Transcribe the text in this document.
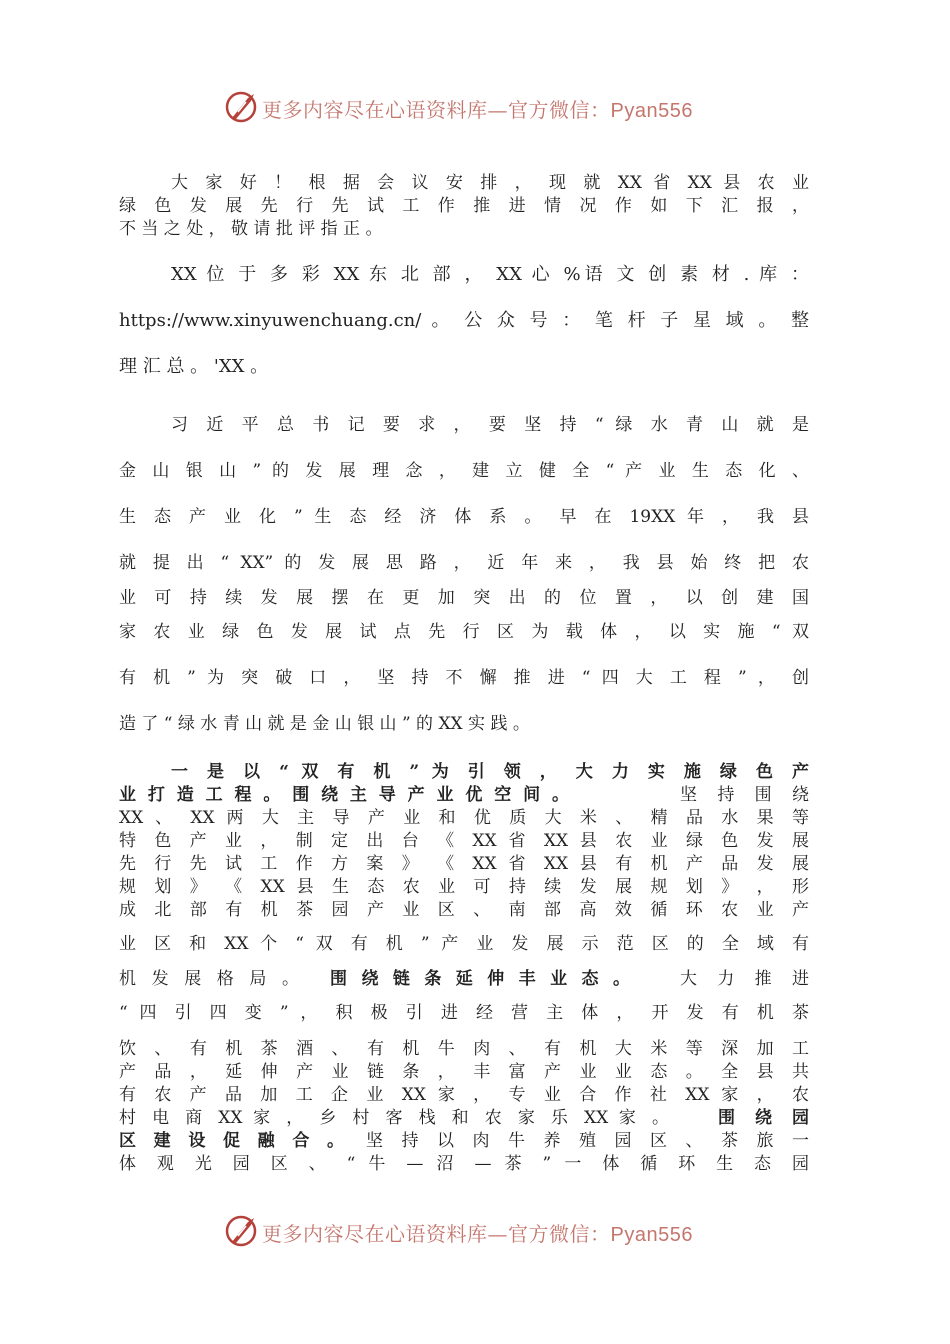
更多内容尽在心语资料库—官方微信：Pyan556
大 家 好 ！ 根 据 会 议 安 排 ， 现 就 XX 省 XX 县 农 业
绿 色 发 展 先 行 先 试 工 作 推 进 情 况 作 如 下 汇 报 ，
不 当 之 处 ， 敬 请 批 评 指 正 。
XX 位 于 多 彩 XX 东 北 部 ， XX 心 %语 文 创 素 材 . 库 ：
https://www.xinyuwenchuang.cn/ 。 公 众 号 ： 笔 杆 子 星 域 。 整
理 汇 总 。 'XX 。
习 近 平 总 书 记 要 求 ， 要 坚 持 “ 绿 水 青 山 就 是
金 山 银 山 ” 的 发 展 理 念 ， 建 立 健 全 “ 产 业 生 态 化 、
生 态 产 业 化 ” 生 态 经 济 体 系 。 早 在 19XX 年 ， 我 县
就 提 出 “ XX” 的 发 展 思 路 ， 近 年 来 ， 我 县 始 终 把 农
业 可 持 续 发 展 摆 在 更 加 突 出 的 位 置 ， 以 创 建 国
家 农 业 绿 色 发 展 试 点 先 行 区 为 载 体 ， 以 实 施 “ 双
有 机 ” 为 突 破 口 ， 坚 持 不 懈 推 进 “ 四 大 工 程 ” ， 创
造 了 “ 绿 水 青 山 就 是 金 山 银 山 ” 的 XX 实 践 。
一 是 以 “ 双 有 机 ” 为 引 领 ， 大 力 实 施 绿 色 产
业 打 造 工 程 。 围 绕 主 导 产 业 优 空 间 。	坚 持 围 绕
XX 、 XX 两 大 主 导 产 业 和 优 质 大 米 、 精 品 水 果 等
特 色 产 业 ， 制 定 出 台 《 XX 省 XX 县 农 业 绿 色 发 展
先 行 先 试 工 作 方 案 》 《 XX 省 XX 县 有 机 产 品 发 展
规 划 》 《 XX 县 生 态 农 业 可 持 续 发 展 规 划 》 ， 形
成 北 部 有 机 茶 园 产 业 区 、 南 部 高 效 循 环 农 业 产
业 区 和 XX 个 “ 双 有 机 ” 产 业 发 展 示 范 区 的 全 域 有
机 发 展 格 局 。 围 绕 链 条 延 伸 丰 业 态 。	大 力 推 进
“ 四 引 四 变 ” ， 积 极 引 进 经 营 主 体 ， 开 发 有 机 茶
饮 、 有 机 茶 酒 、 有 机 牛 肉 、 有 机 大 米 等 深 加 工
产 品 ， 延 伸 产 业 链 条 ， 丰 富 产 业 业 态 。 全 县 共
有 农 产 品 加 工 企 业 XX 家 ， 专 业 合 作 社 XX 家 ， 农
村 电 商 XX 家 ， 乡 村 客 栈 和 农 家 乐 XX 家 。	围 绕 园
区 建 设 促 融 合 。 坚 持 以 肉 牛 养 殖 园 区 、 茶 旅 一
体 观 光 园 区 、 “ 牛 — 沼 — 茶 ” 一 体 循 环 生 态 园
更多内容尽在心语资料库—官方微信：Pyan556
